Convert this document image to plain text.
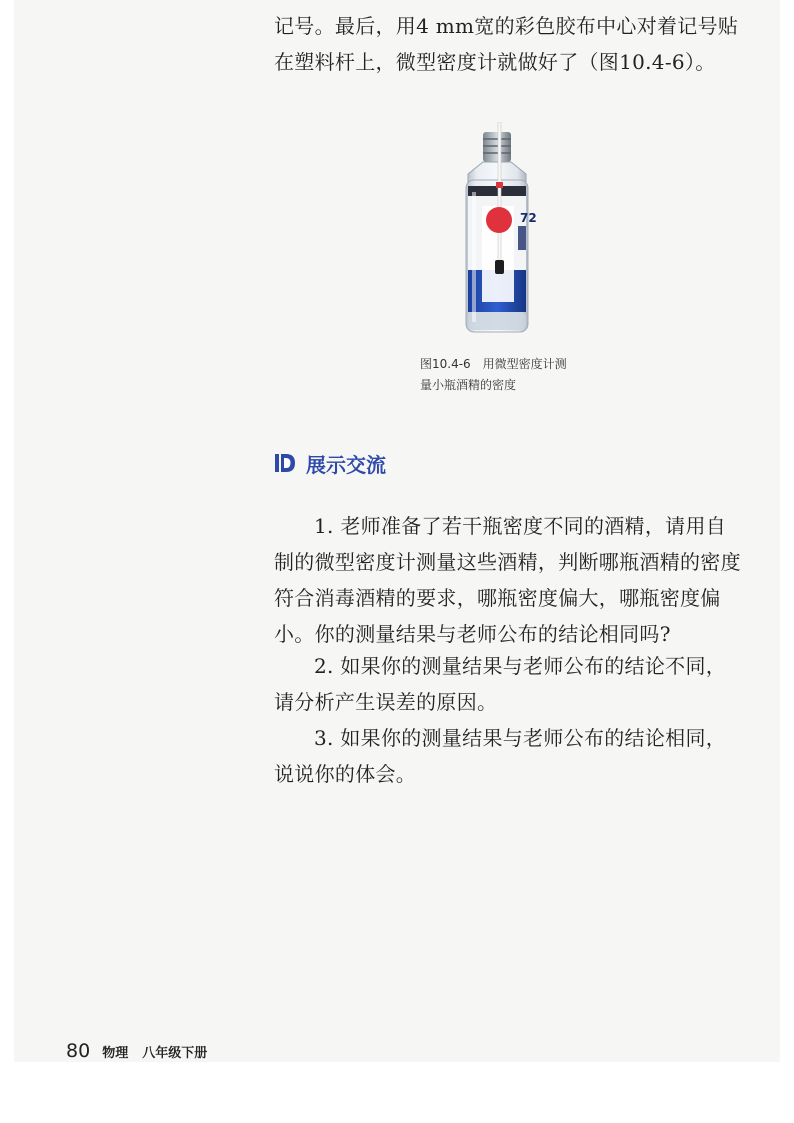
记号。最后，用4 mm宽的彩色胶布中心对着记号贴在塑料杆上，微型密度计就做好了（图10.4-6）。

72
图10.4-6　用微型密度计测
量小瓶酒精的密度
展示交流

1. 老师准备了若干瓶密度不同的酒精，请用自制的微型密度计测量这些酒精，判断哪瓶酒精的密度符合消毒酒精的要求，哪瓶密度偏大，哪瓶密度偏小。你的测量结果与老师公布的结论相同吗?

2. 如果你的测量结果与老师公布的结论不同，请分析产生误差的原因。

3. 如果你的测量结果与老师公布的结论相同，说说你的体会。

80 物理 八年级下册
